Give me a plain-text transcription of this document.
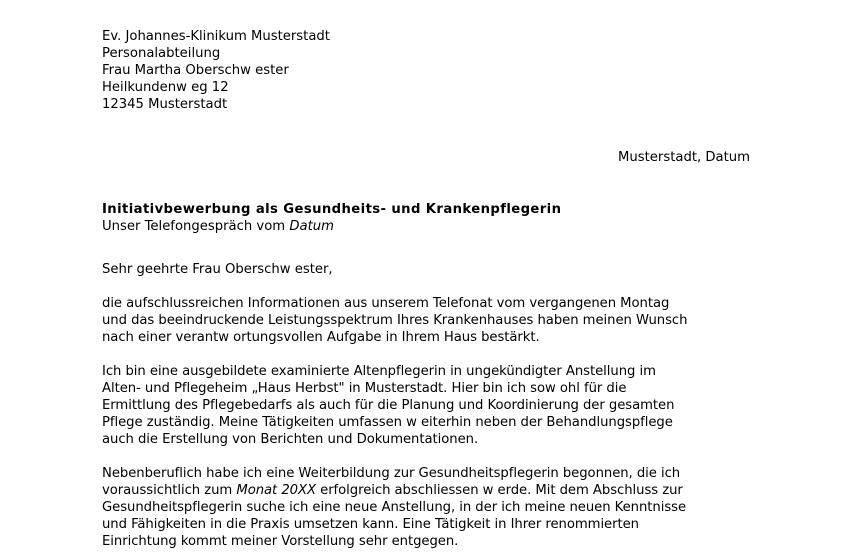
Ev. Johannes-Klinikum Musterstadt
Personalabteilung
Frau Martha Oberschw ester
Heilkundenw eg 12
12345 Musterstadt
Musterstadt, Datum
Initiativbewerbung als Gesundheits- und Krankenpflegerin
Unser Telefongespräch vom Datum
Sehr geehrte Frau Oberschw ester,
die aufschlussreichen Informationen aus unserem Telefonat vom vergangenen Montag
und das beeindruckende Leistungsspektrum Ihres Krankenhauses haben meinen Wunsch
nach einer verantw ortungsvollen Aufgabe in Ihrem Haus bestärkt.
Ich bin eine ausgebildete examinierte Altenpflegerin in ungekündigter Anstellung im
Alten- und Pflegeheim „Haus Herbst" in Musterstadt. Hier bin ich sow ohl für die
Ermittlung des Pflegebedarfs als auch für die Planung und Koordinierung der gesamten
Pflege zuständig. Meine Tätigkeiten umfassen w eiterhin neben der Behandlungspflege
auch die Erstellung von Berichten und Dokumentationen.
Nebenberuflich habe ich eine Weiterbildung zur Gesundheitspflegerin begonnen, die ich
voraussichtlich zum Monat 20XX erfolgreich abschliessen w erde. Mit dem Abschluss zur
Gesundheitspflegerin suche ich eine neue Anstellung, in der ich meine neuen Kenntnisse
und Fähigkeiten in die Praxis umsetzen kann. Eine Tätigkeit in Ihrer renommierten
Einrichtung kommt meiner Vorstellung sehr entgegen.
